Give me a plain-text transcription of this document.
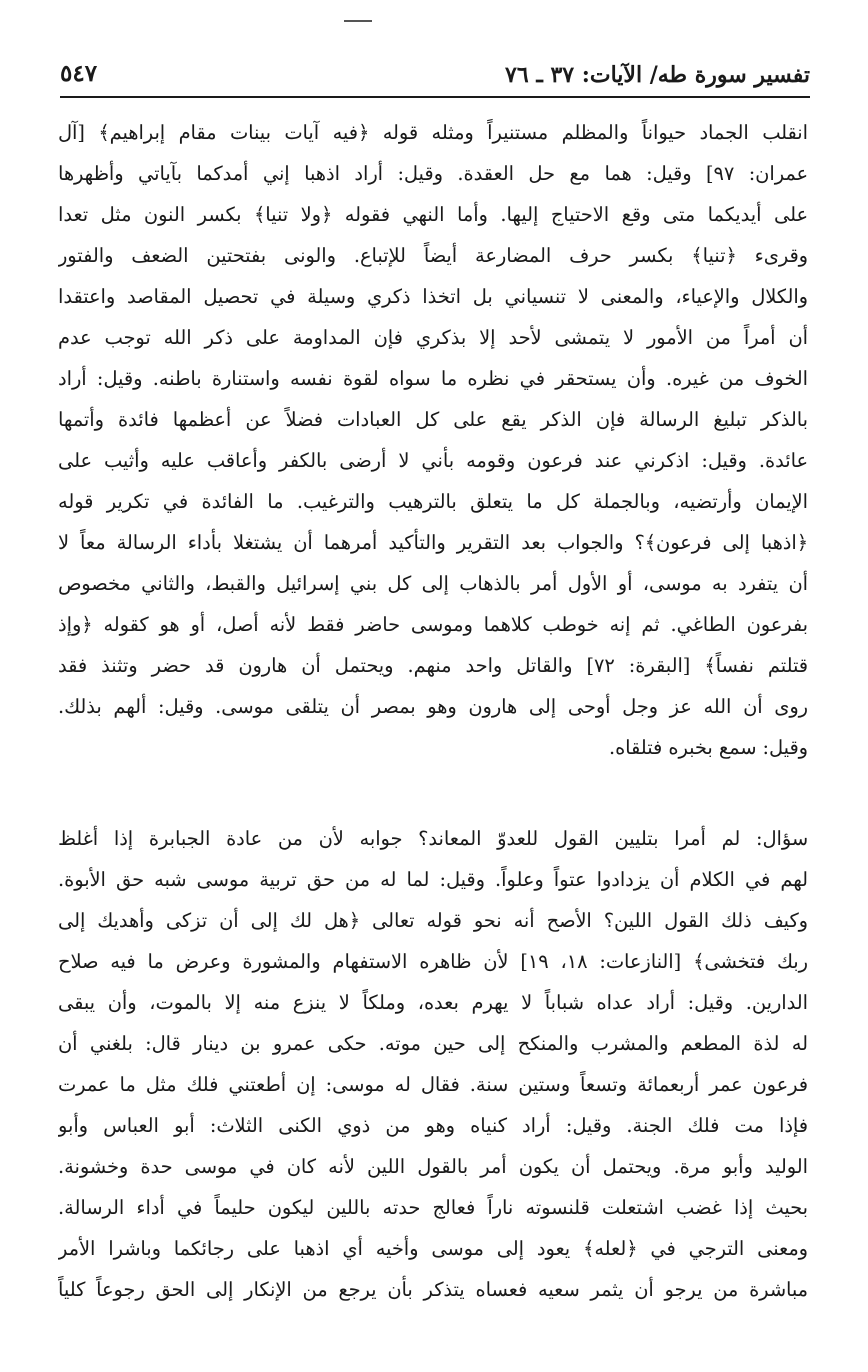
تفسير سورة طه/ الآيات: ٣٧ ـ ٧٦
٥٤٧
انقلب الجماد حيواناً والمظلم مستنيراً ومثله قوله ﴿فيه آيات بينات مقام إبراهيم﴾ [آل
عمران: ٩٧] وقيل: هما مع حل العقدة. وقيل: أراد اذهبا إني أمدكما بآياتي وأظهرها
على أيديكما متى وقع الاحتياج إليها. وأما النهي فقوله ﴿ولا تنيا﴾ بكسر النون مثل تعدا
وقرىء ﴿تنيا﴾ بكسر حرف المضارعة أيضاً للإتباع. والونى بفتحتين الضعف والفتور
والكلال والإعياء، والمعنى لا تنسياني بل اتخذا ذكري وسيلة في تحصيل المقاصد واعتقدا
أن أمراً من الأمور لا يتمشى لأحد إلا بذكري فإن المداومة على ذكر الله توجب عدم
الخوف من غيره. وأن يستحقر في نظره ما سواه لقوة نفسه واستنارة باطنه. وقيل: أراد
بالذكر تبليغ الرسالة فإن الذكر يقع على كل العبادات فضلاً عن أعظمها فائدة وأتمها
عائدة. وقيل: اذكرني عند فرعون وقومه بأني لا أرضى بالكفر وأعاقب عليه وأثيب على
الإيمان وأرتضيه، وبالجملة كل ما يتعلق بالترهيب والترغيب. ما الفائدة في تكرير قوله
﴿اذهبا إلى فرعون﴾؟ والجواب بعد التقرير والتأكيد أمرهما أن يشتغلا بأداء الرسالة معاً لا
أن يتفرد به موسى، أو الأول أمر بالذهاب إلى كل بني إسرائيل والقبط، والثاني مخصوص
بفرعون الطاغي. ثم إنه خوطب كلاهما وموسى حاضر فقط لأنه أصل، أو هو كقوله ﴿وإذ
قتلتم نفساً﴾ [البقرة: ٧٢] والقاتل واحد منهم. ويحتمل أن هارون قد حضر وتثنذ فقد
روى أن الله عز وجل أوحى إلى هارون وهو بمصر أن يتلقى موسى. وقيل: ألهم بذلك.
وقيل: سمع بخبره فتلقاه.
سؤال: لم أمرا بتليين القول للعدوّ المعاند؟ جوابه لأن من عادة الجبابرة إذا أغلظ
لهم في الكلام أن يزدادوا عتواً وعلواً. وقيل: لما له من حق تربية موسى شبه حق الأبوة.
وكيف ذلك القول اللين؟ الأصح أنه نحو قوله تعالى ﴿هل لك إلى أن تزكى وأهديك إلى
ربك فتخشى﴾ [النازعات: ١٨، ١٩] لأن ظاهره الاستفهام والمشورة وعرض ما فيه صلاح
الدارين. وقيل: أراد عداه شباباً لا يهرم بعده، وملكاً لا ينزع منه إلا بالموت، وأن يبقى
له لذة المطعم والمشرب والمنكح إلى حين موته. حكى عمرو بن دينار قال: بلغني أن
فرعون عمر أربعمائة وتسعاً وستين سنة. فقال له موسى: إن أطعتني فلك مثل ما عمرت
فإذا مت فلك الجنة. وقيل: أراد كنياه وهو من ذوي الكنى الثلاث: أبو العباس وأبو
الوليد وأبو مرة. ويحتمل أن يكون أمر بالقول اللين لأنه كان في موسى حدة وخشونة.
بحيث إذا غضب اشتعلت قلنسوته ناراً فعالج حدته باللين ليكون حليماً في أداء الرسالة.
ومعنى الترجي في ﴿لعله﴾ يعود إلى موسى وأخيه أي اذهبا على رجائكما وباشرا الأمر
مباشرة من يرجو أن يثمر سعيه فعساه يتذكر بأن يرجع من الإنكار إلى الحق رجوعاً كلياً
